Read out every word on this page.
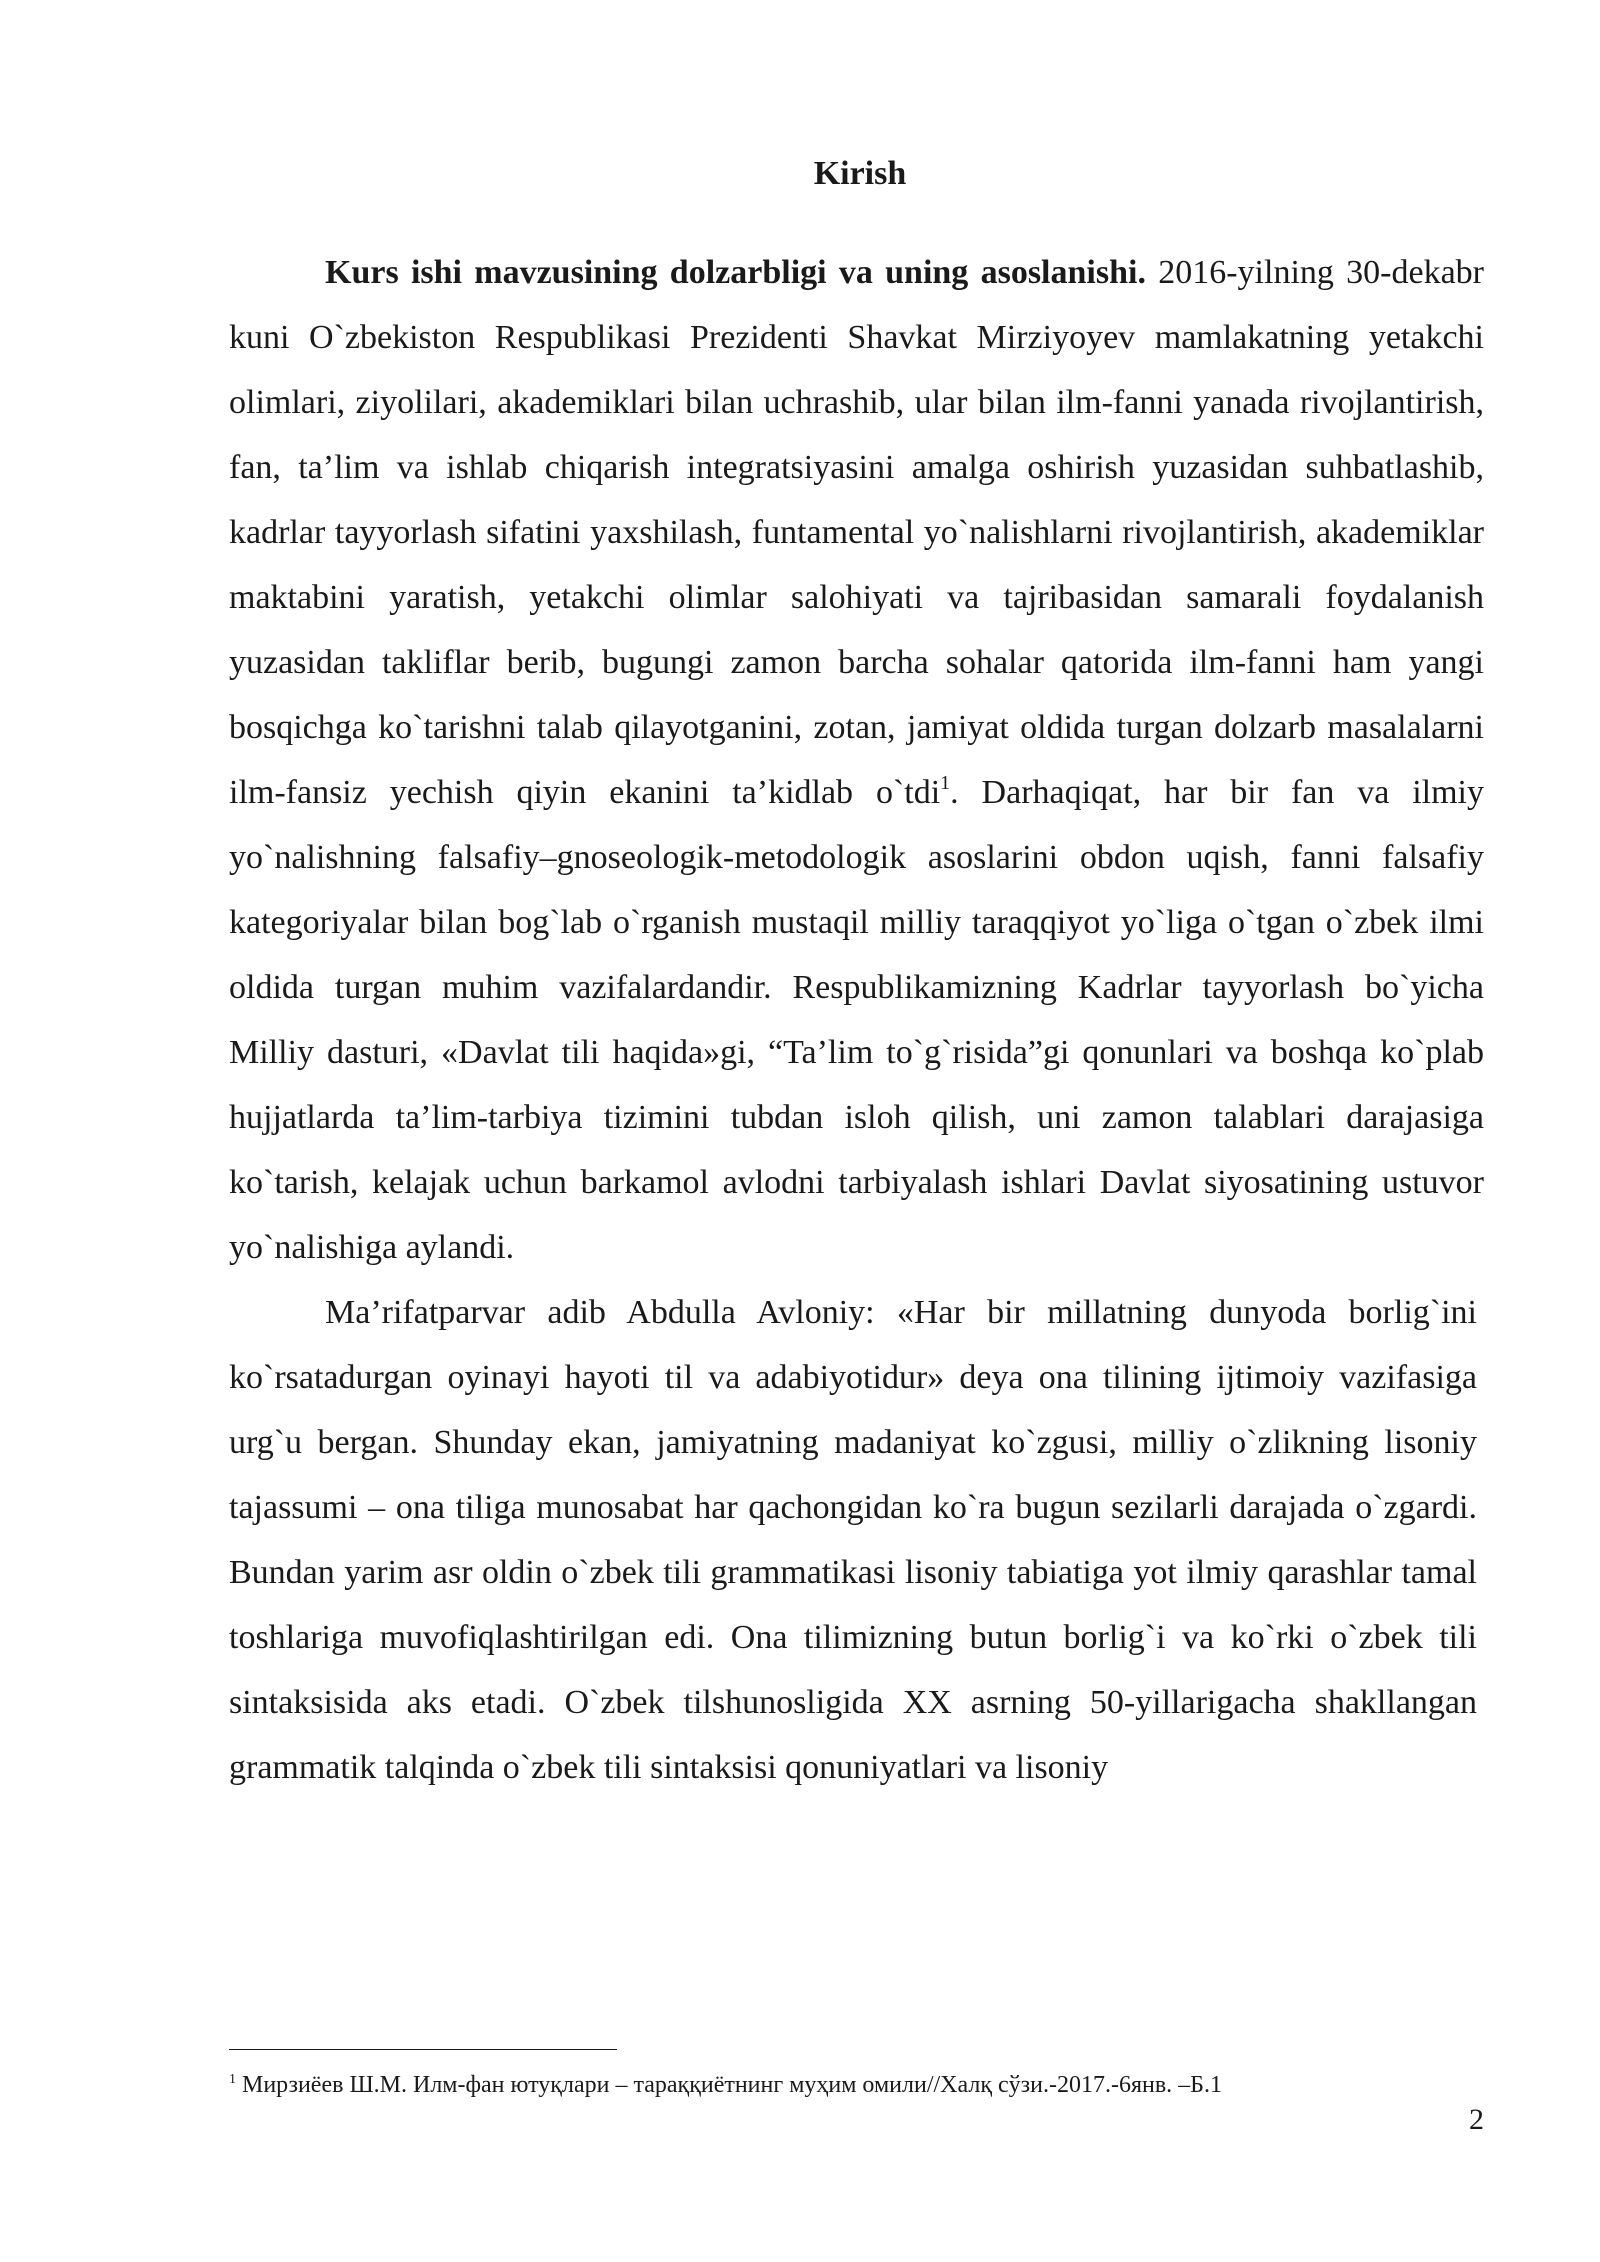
Kirish

Kurs ishi mavzusining dolzarbligi va uning asoslanishi. 2016-yilning 30-dekabr kuni O`zbekiston Respublikasi Prezidenti Shavkat Mirziyoyev mamlakatning yetakchi olimlari, ziyolilari, akademiklari bilan uchrashib, ular bilan ilm-fanni yanada rivojlantirish, fan, ta’lim va ishlab chiqarish integratsiyasini amalga oshirish yuzasidan suhbatlashib, kadrlar tayyorlash sifatini yaxshilash, funtamental yo`nalishlarni rivojlantirish, akademiklar maktabini yaratish, yetakchi olimlar salohiyati va tajribasidan samarali foydalanish yuzasidan takliflar berib, bugungi zamon barcha sohalar qatorida ilm-fanni ham yangi bosqichga ko`tarishni talab qilayotganini, zotan, jamiyat oldida turgan dolzarb masalalarni ilm-fansiz yechish qiyin ekanini ta’kidlab o`tdi$^1$. Darhaqiqat, har bir fan va ilmiy yo`nalishning falsafiy–gnoseologik-metodologik asoslarini obdon uqish, fanni falsafiy kategoriyalar bilan bog`lab o`rganish mustaqil milliy taraqqiyot yo`liga o`tgan o`zbek ilmi oldida turgan muhim vazifalardandir. Respublikamizning Kadrlar tayyorlash bo`yicha Milliy dasturi, «Davlat tili haqida»gi, “Ta’lim to`g`risida”gi qonunlari va boshqa ko`plab hujjatlarda ta’lim-tarbiya tizimini tubdan isloh qilish, uni zamon talablari darajasiga ko`tarish, kelajak uchun barkamol avlodni tarbiyalash ishlari Davlat siyosatining ustuvor yo`nalishiga aylandi.

Ma’rifatparvar adib Abdulla Avloniy: «Har bir millatning dunyoda borlig`ini ko`rsatadurgan oyinayi hayoti til va adabiyotidur» deya ona tilining ijtimoiy vazifasiga urg`u bergan. Shunday ekan, jamiyatning madaniyat ko`zgusi, milliy o`zlikning lisoniy tajassumi – ona tiliga munosabat har qachongidan ko`ra bugun sezilarli darajada o`zgardi. Bundan yarim asr oldin o`zbek tili grammatikasi lisoniy tabiatiga yot ilmiy qarashlar tamal toshlariga muvofiqlashtirilgan edi. Ona tilimizning butun borlig`i va ko`rki o`zbek tili sintaksisida aks etadi. O`zbek tilshunosligida XX asrning 50-yillarigacha shakllangan grammatik talqinda o`zbek tili sintaksisi qonuniyatlari va lisoniy

$^1$ Мирзиёев Ш.М. Илм-фан ютуқлари – тараққиётнинг муҳим омили//Халқ сўзи.-2017.-6янв. –Б.1
2
